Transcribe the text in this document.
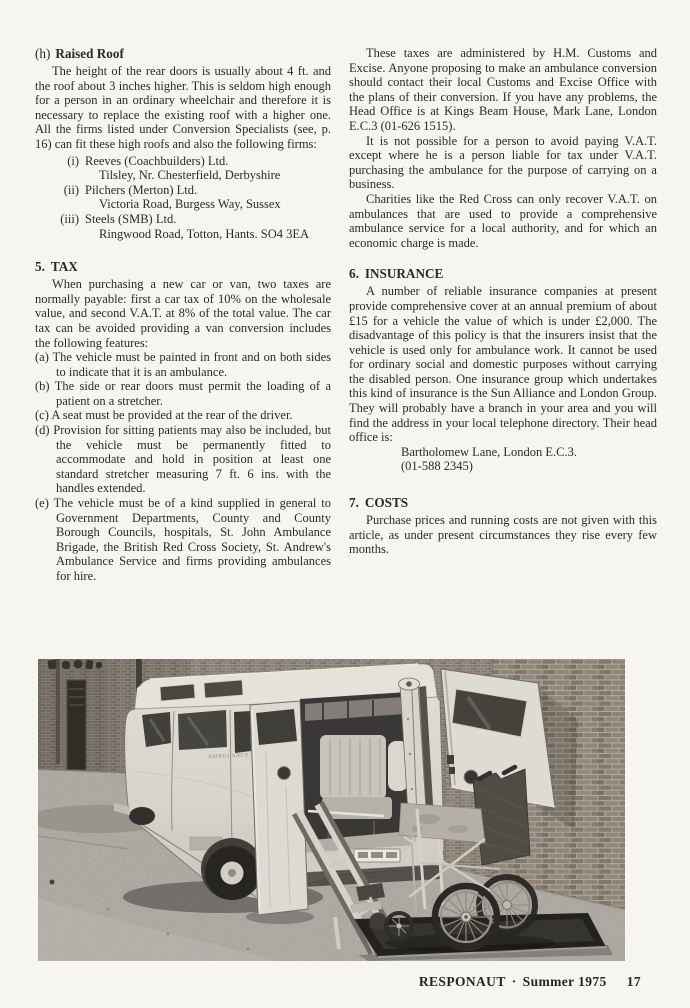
(h) Raised Roof

The height of the rear doors is usually about 4 ft. and the roof about 3 inches higher. This is seldom high enough for a person in an ordinary wheelchair and therefore it is necessary to replace the existing roof with a higher one. All the firms listed under Conversion Specialists (see, p. 16) can fit these high roofs and also the following firms:

(i) Reeves (Coachbuilders) Ltd.
Tilsley, Nr. Chesterfield, Derbyshire
(ii) Pilchers (Merton) Ltd.
Victoria Road, Burgess Way, Sussex
(iii) Steels (SMB) Ltd.
Ringwood Road, Totton, Hants. SO4 3EA
5. TAX

When purchasing a new car or van, two taxes are normally payable: first a car tax of 10% on the wholesale value, and second V.A.T. at 8% of the total value. The car tax can be avoided providing a van conversion includes the following features:

(a) The vehicle must be painted in front and on both sides to indicate that it is an ambulance.
(b) The side or rear doors must permit the loading of a patient on a stretcher.
(c) A seat must be provided at the rear of the driver.
(d) Provision for sitting patients may also be included, but the vehicle must be permanently fitted to accommodate and hold in position at least one standard stretcher measuring 7 ft. 6 ins. with the handles extended.
(e) The vehicle must be of a kind supplied in general to Government Departments, County and County Borough Councils, hospitals, St. John Ambulance Brigade, the British Red Cross Society, St. Andrew's Ambulance Service and firms providing ambulances for hire.

These taxes are administered by H.M. Customs and Excise. Anyone proposing to make an ambulance conversion should contact their local Customs and Excise Office with the plans of their conversion. If you have any problems, the Head Office is at Kings Beam House, Mark Lane, London E.C.3 (01-626 1515).

It is not possible for a person to avoid paying V.A.T. except where he is a person liable for tax under V.A.T. purchasing the ambulance for the purpose of carrying on a business.

Charities like the Red Cross can only recover V.A.T. on ambulances that are used to provide a comprehensive ambulance service for a local authority, and for which an economic charge is made.

6. INSURANCE

A number of reliable insurance companies at present provide comprehensive cover at an annual premium of about £15 for a vehicle the value of which is under £2,000. The disadvantage of this policy is that the insurers insist that the vehicle is used only for ambulance work. It cannot be used for ordinary social and domestic purposes without carrying the disabled person. One insurance group which undertakes this kind of insurance is the Sun Alliance and London Group. They will probably have a branch in your area and you will find the address in your local telephone directory. Their head office is:

Bartholomew Lane, London E.C.3.
(01-588 2345)
7. COSTS

Purchase prices and running costs are not given with this article, as under present circumstances they rise every few months.

AMBULANCE
RESPONAUT · Summer 1975 17
